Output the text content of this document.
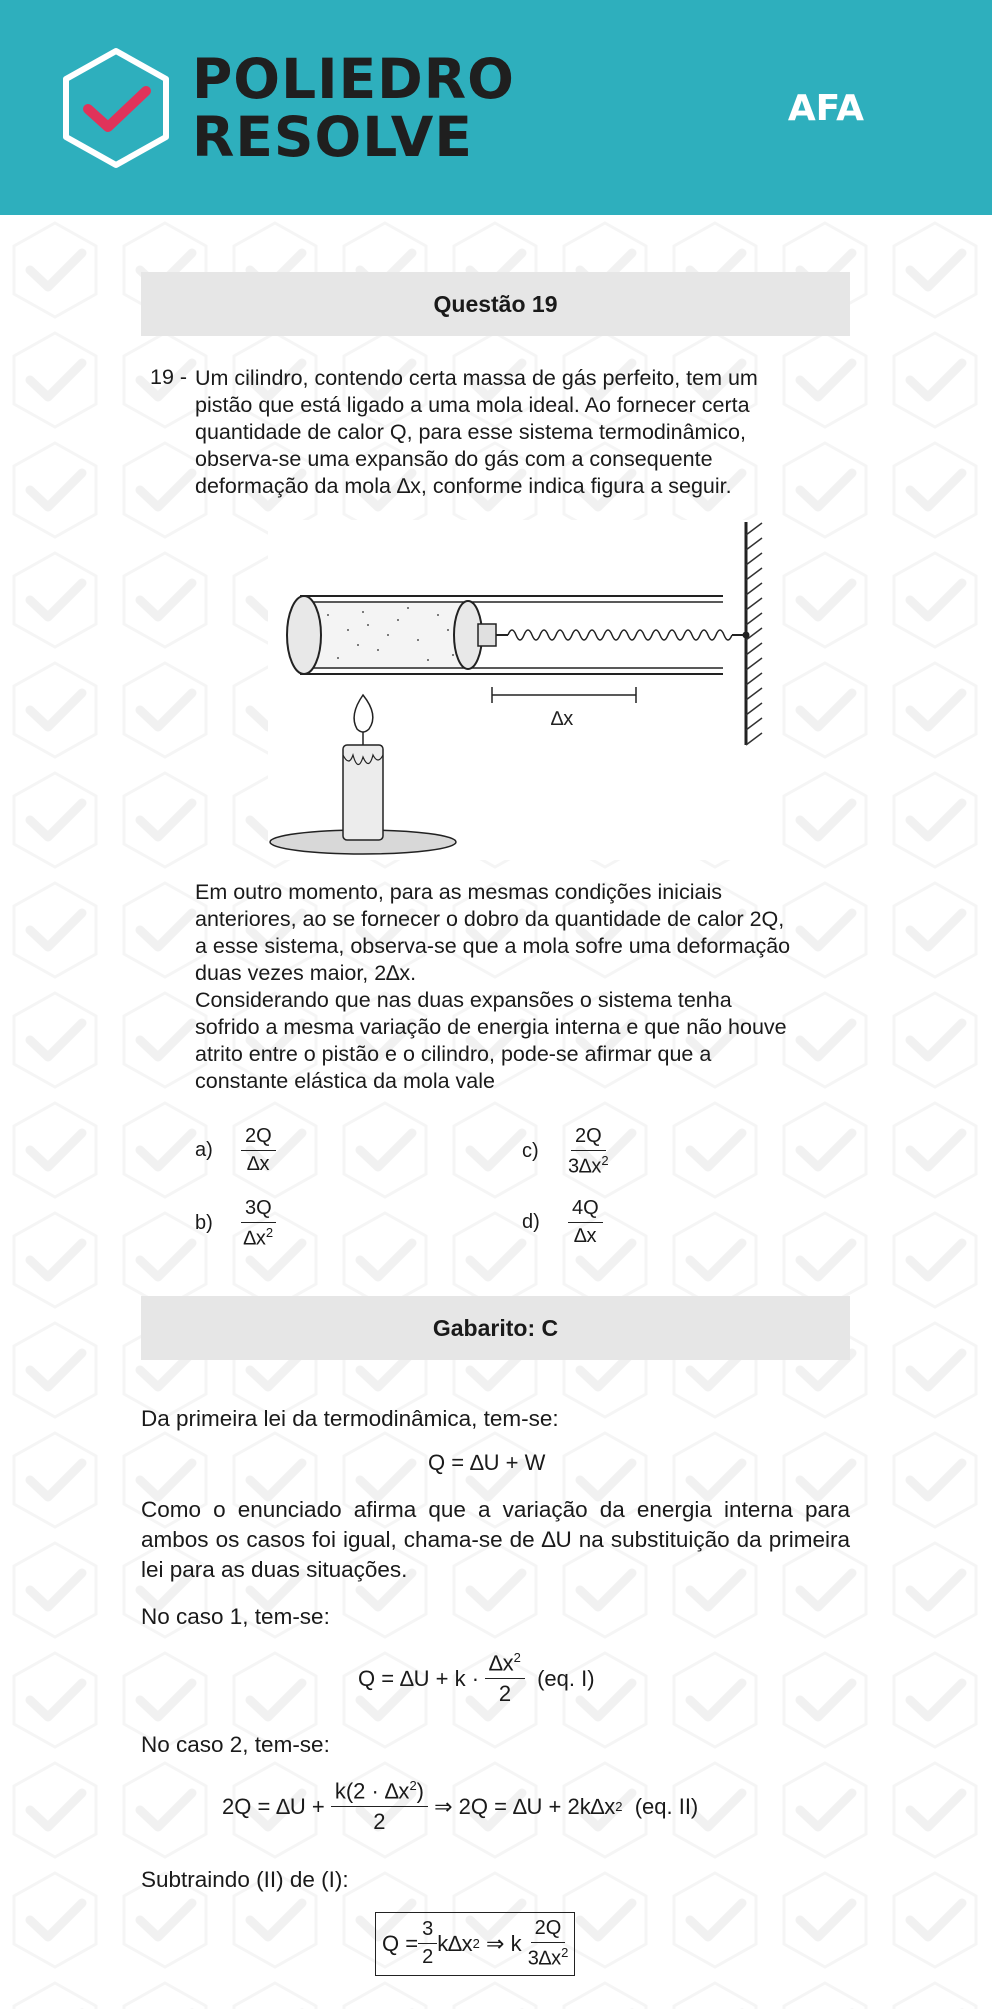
POLIEDRO
RESOLVE	AFA
Questão 19
19 - Um cilindro, contendo certa massa de gás perfeito, tem um
pistão que está ligado a uma mola ideal. Ao fornecer certa
quantidade de calor Q, para esse sistema termodinâmico,
observa-se uma expansão do gás com a consequente
deformação da mola ∆x, conforme indica figura a seguir.
∆x
Em outro momento, para as mesmas condições iniciais
anteriores, ao se fornecer o dobro da quantidade de calor 2Q,
a esse sistema, observa-se que a mola sofre uma deformação
duas vezes maior, 2∆x.
Considerando que nas duas expansões o sistema tenha
sofrido a mesma variação de energia interna e que não houve
atrito entre o pistão e o cilindro, pode-se afirmar que a
constante elástica da mola vale
a)	$\frac{2Q}{\Delta x}$
b)	$\frac{3Q}{\Delta x^2}$
c)	$\frac{2Q}{3\Delta x^2}$
d)	$\frac{4Q}{\Delta x}$
Gabarito: C
Da primeira lei da termodinâmica, tem-se:
Q = ∆U + W
Como o enunciado afirma que a variação da energia interna para ambos os casos foi igual, chama-se de ∆U na substituição da primeira lei para as duas situações.
No caso 1, tem-se:
Q = ∆U + k ·
$\frac{\Delta x^2}{2}$
(eq. I)
No caso 2, tem-se:
2Q = ∆U +
$\frac{k(2 \cdot \Delta x^2)}{2}$
⇒ 2Q = ∆U + 2k∆x 2
(eq. II)
Subtraindo (II) de (I):
$Q = \frac{3}{2} k\Delta x$ 2
⇒ k
$\frac{2Q}{3\Delta x^2}$
